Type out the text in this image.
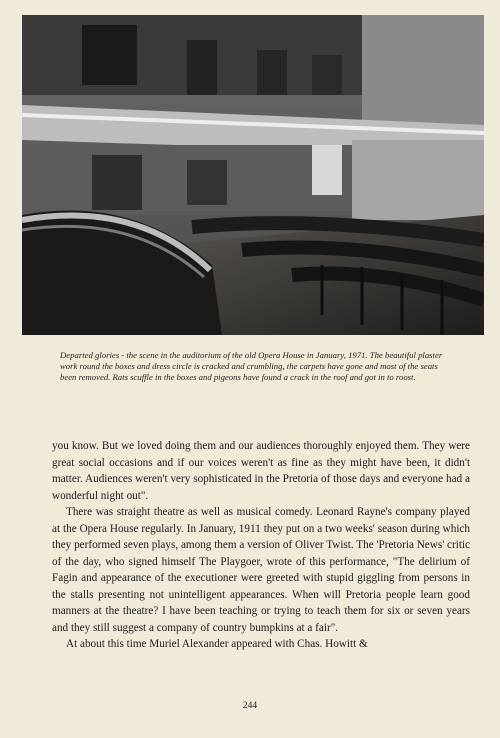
Departed glories - the scene in the auditorium of the old Opera House in January, 1971. The beautiful plaster work round the boxes and dress circle is cracked and crumbling, the carpets have gone and most of the seats been removed. Rats scuffle in the boxes and pigeons have found a crack in the roof and got in to roost.

you know. But we loved doing them and our audiences thoroughly enjoyed them. They were great social occasions and if our voices weren't as fine as they might have been, it didn't matter. Audiences weren't very sophisticated in the Pretoria of those days and everyone had a wonderful night out".

There was straight theatre as well as musical comedy. Leonard Rayne's company played at the Opera House regularly. In January, 1911 they put on a two weeks' season during which they performed seven plays, among them a version of Oliver Twist. The 'Pretoria News' critic of the day, who signed himself The Playgoer, wrote of this performance, "The delirium of Fagin and appearance of the executioner were greeted with stupid giggling from persons in the stalls presenting not unintelligent appearances. When will Pretoria people learn good manners at the theatre? I have been teaching or trying to teach them for six or seven years and they still suggest a company of country bumpkins at a fair".

At about this time Muriel Alexander appeared with Chas. Howitt &

244
